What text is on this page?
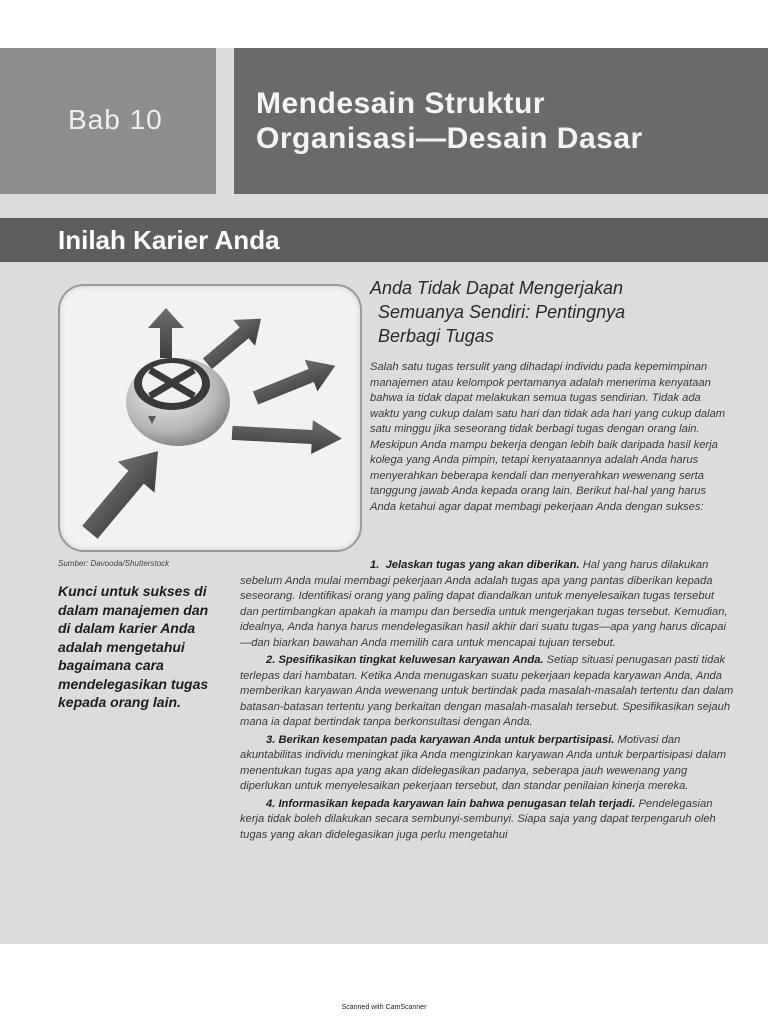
Bab 10	Mendesain Struktur
Organisasi—Desain Dasar
Inilah Karier Anda
Sumber: Davooda/Shutterstock
Kunci untuk sukses di dalam manajemen dan di dalam karier Anda adalah mengetahui bagaimana cara mendelegasikan tugas kepada orang lain.
Anda Tidak Dapat Mengerjakan
Semuanya Sendiri: Pentingnya
Berbagi Tugas
Salah satu tugas tersulit yang dihadapi individu pada kepemimpinan manajemen atau kelompok pertamanya adalah menerima kenyataan bahwa ia tidak dapat melakukan semua tugas sendirian. Tidak ada waktu yang cukup dalam satu hari dan tidak ada hari yang cukup dalam satu minggu jika seseorang tidak berbagi tugas dengan orang lain. Meskipun Anda mampu bekerja dengan lebih baik daripada hasil kerja kolega yang Anda pimpin, tetapi kenyataannya adalah Anda harus menyerahkan beberapa kendali dan menyerahkan wewenang serta tanggung jawab Anda kepada orang lain. Berikut hal-hal yang harus Anda ketahui agar dapat membagi pekerjaan Anda dengan sukses:
1. Jelaskan tugas yang akan diberikan. Hal yang harus dilakukan sebelum Anda mulai membagi pekerjaan Anda adalah tugas apa yang pantas diberikan kepada seseorang. Identifikasi orang yang paling dapat diandalkan untuk menyelesaikan tugas tersebut dan pertimbangkan apakah ia mampu dan bersedia untuk mengerjakan tugas tersebut. Kemudian, idealnya, Anda hanya harus mendelegasikan hasil akhir dari suatu tugas—apa yang harus dicapai—dan biarkan bawahan Anda memilih cara untuk mencapai tujuan tersebut.
2. Spesifikasikan tingkat keluwesan karyawan Anda. Setiap situasi penugasan pasti tidak terlepas dari hambatan. Ketika Anda menugaskan suatu pekerjaan kepada karyawan Anda, Anda memberikan karyawan Anda wewenang untuk bertindak pada masalah-masalah tertentu dan dalam batasan-batasan tertentu yang berkaitan dengan masalah-masalah tersebut. Spesifikasikan sejauh mana ia dapat bertindak tanpa berkonsultasi dengan Anda.
3. Berikan kesempatan pada karyawan Anda untuk berpartisipasi. Motivasi dan akuntabilitas individu meningkat jika Anda mengizinkan karyawan Anda untuk berpartisipasi dalam menentukan tugas apa yang akan didelegasikan padanya, seberapa jauh wewenang yang diperlukan untuk menyelesaikan pekerjaan tersebut, dan standar penilaian kinerja mereka.
4. Informasikan kepada karyawan lain bahwa penugasan telah terjadi. Pendelegasian kerja tidak boleh dilakukan secara sembunyi-sembunyi. Siapa saja yang dapat terpengaruh oleh tugas yang akan didelegasikan juga perlu mengetahui
Scanned with CamScanner
